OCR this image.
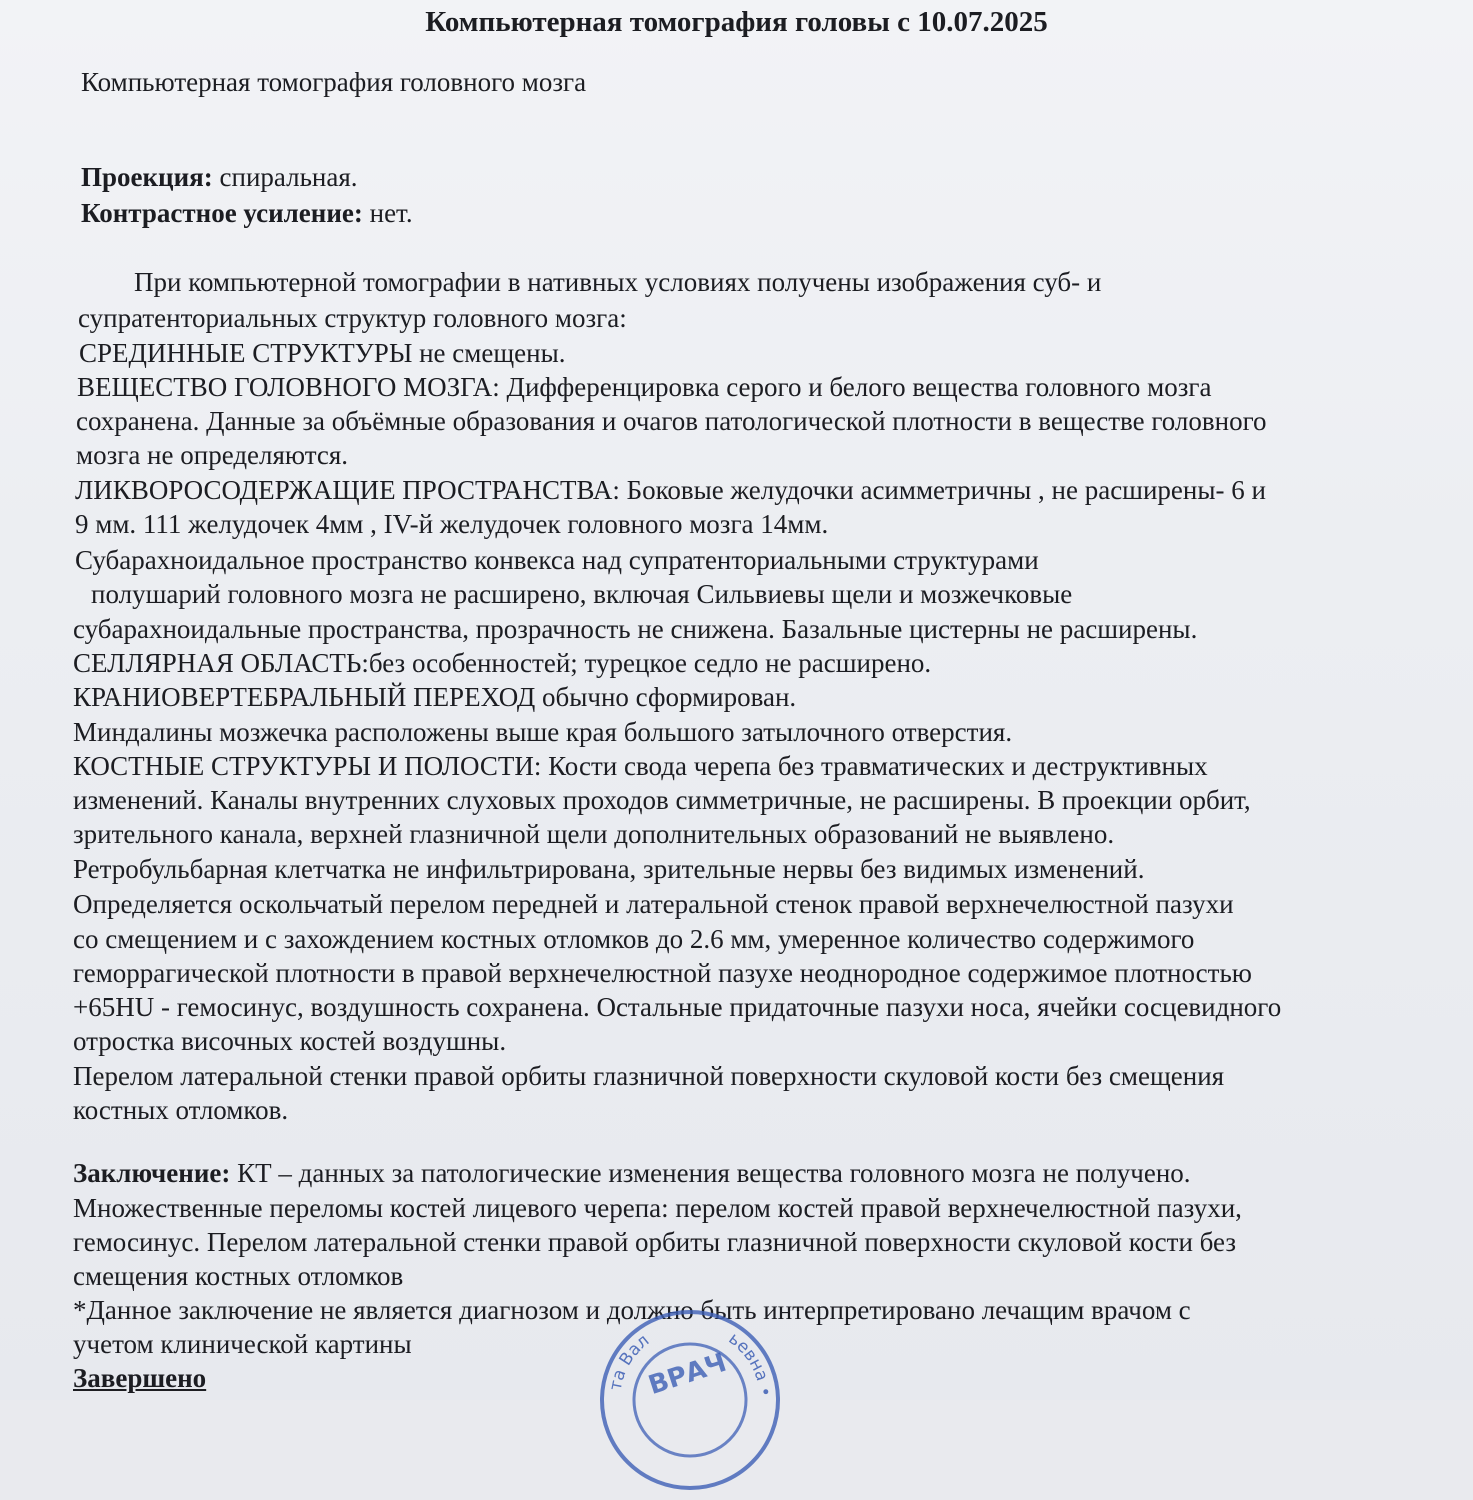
Компьютерная томография головы с 10.07.2025
Компьютерная томография головного мозга
Проекция: спиральная.
Контрастное усиление: нет.
При компьютерной томографии в нативных условиях получены изображения суб- и
супратенториальных структур головного мозга:
СРЕДИННЫЕ СТРУКТУРЫ не смещены.
ВЕЩЕСТВО ГОЛОВНОГО МОЗГА: Дифференцировка серого и белого вещества головного мозга
сохранена. Данные за объёмные образования и очагов патологической плотности в веществе головного
мозга не определяются.
ЛИКВОРОСОДЕРЖАЩИЕ ПРОСТРАНСТВА: Боковые желудочки асимметричны , не расширены- 6 и
9 мм. 111 желудочек 4мм , IV-й желудочек головного мозга 14мм.
Субарахноидальное пространство конвекса над супратенториальными структурами
полушарий головного мозга не расширено, включая Сильвиевы щели и мозжечковые
субарахноидальные пространства, прозрачность не снижена. Базальные цистерны не расширены.
СЕЛЛЯРНАЯ ОБЛАСТЬ:без особенностей; турецкое седло не расширено.
КРАНИОВЕРТЕБРАЛЬНЫЙ ПЕРЕХОД обычно сформирован.
Миндалины мозжечка расположены выше края большого затылочного отверстия.
КОСТНЫЕ СТРУКТУРЫ И ПОЛОСТИ: Кости свода черепа без травматических и деструктивных
изменений. Каналы внутренних слуховых проходов симметричные, не расширены. В проекции орбит,
зрительного канала, верхней глазничной щели дополнительных образований не выявлено.
Ретробульбарная клетчатка не инфильтрирована, зрительные нервы без видимых изменений.
Определяется оскольчатый перелом передней и латеральной стенок правой верхнечелюстной пазухи
со смещением и с захождением костных отломков до 2.6 мм, умеренное количество содержимого
геморрагической плотности в правой верхнечелюстной пазухе неоднородное содержимое плотностью
+65HU - гемосинус, воздушность сохранена. Остальные придаточные пазухи носа, ячейки сосцевидного
отростка височных костей воздушны.
Перелом латеральной стенки правой орбиты глазничной поверхности скуловой кости без смещения
костных отломков.
Заключение: КТ – данных за патологические изменения вещества головного мозга не получено.
Множественные переломы костей лицевого черепа: перелом костей правой верхнечелюстной пазухи,
гемосинус. Перелом латеральной стенки правой орбиты глазничной поверхности скуловой кости без
смещения костных отломков
*Данное заключение не является диагнозом и должно быть интерпретировано лечащим врачом с
учетом клинической картины
Завершено	та Вал	ьевна •
ВРАЧ
